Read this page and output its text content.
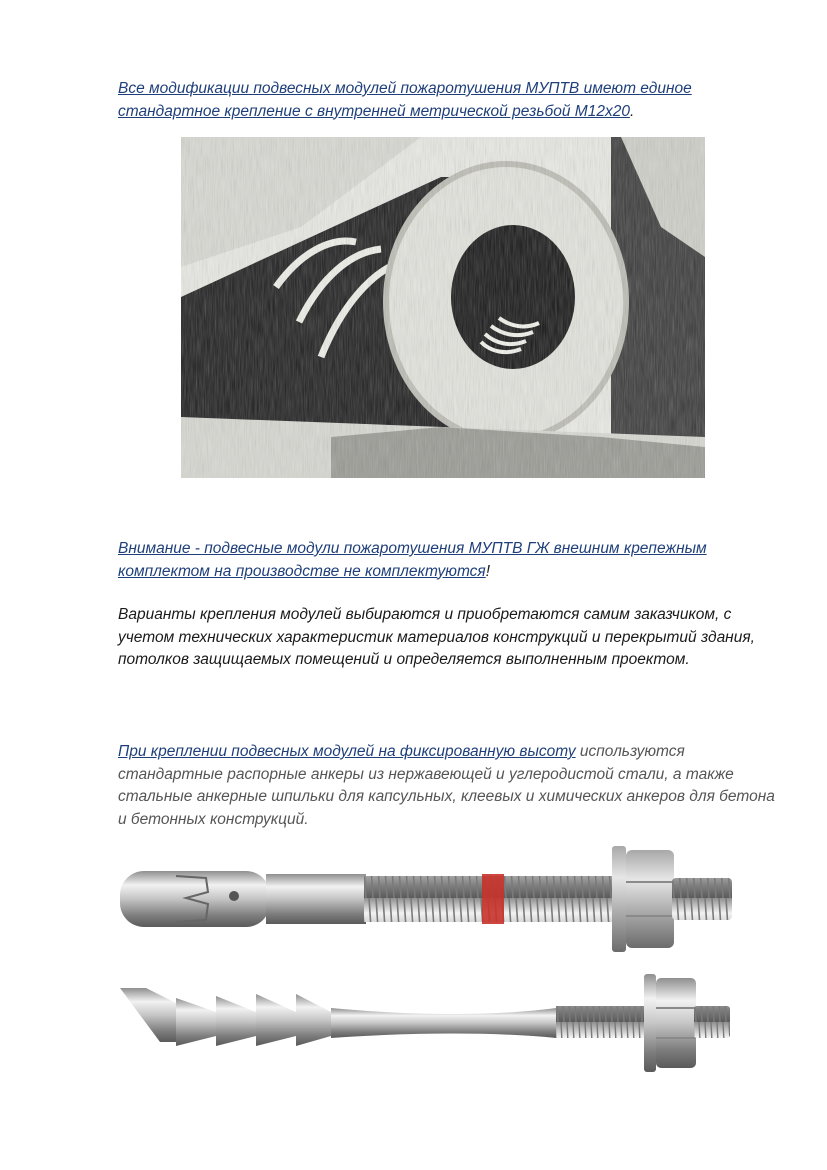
Все модификации подвесных модулей пожаротушения МУПТВ имеют единое стандартное крепление с внутренней метрической резьбой М12х20.

Внимание - подвесные модули пожаротушения МУПТВ ГЖ внешним крепежным комплектом на производстве не комплектуются!

Варианты крепления модулей выбираются и приобретаются самим заказчиком, с учетом технических характеристик материалов конструкций и перекрытий здания, потолков защищаемых помещений и определяется выполненным проектом.

При креплении подвесных модулей на фиксированную высоту используются стандартные распорные анкеры из нержавеющей и углеродистой стали, а также стальные анкерные шпильки для капсульных, клеевых и химических анкеров для бетона и бетонных конструкций.
